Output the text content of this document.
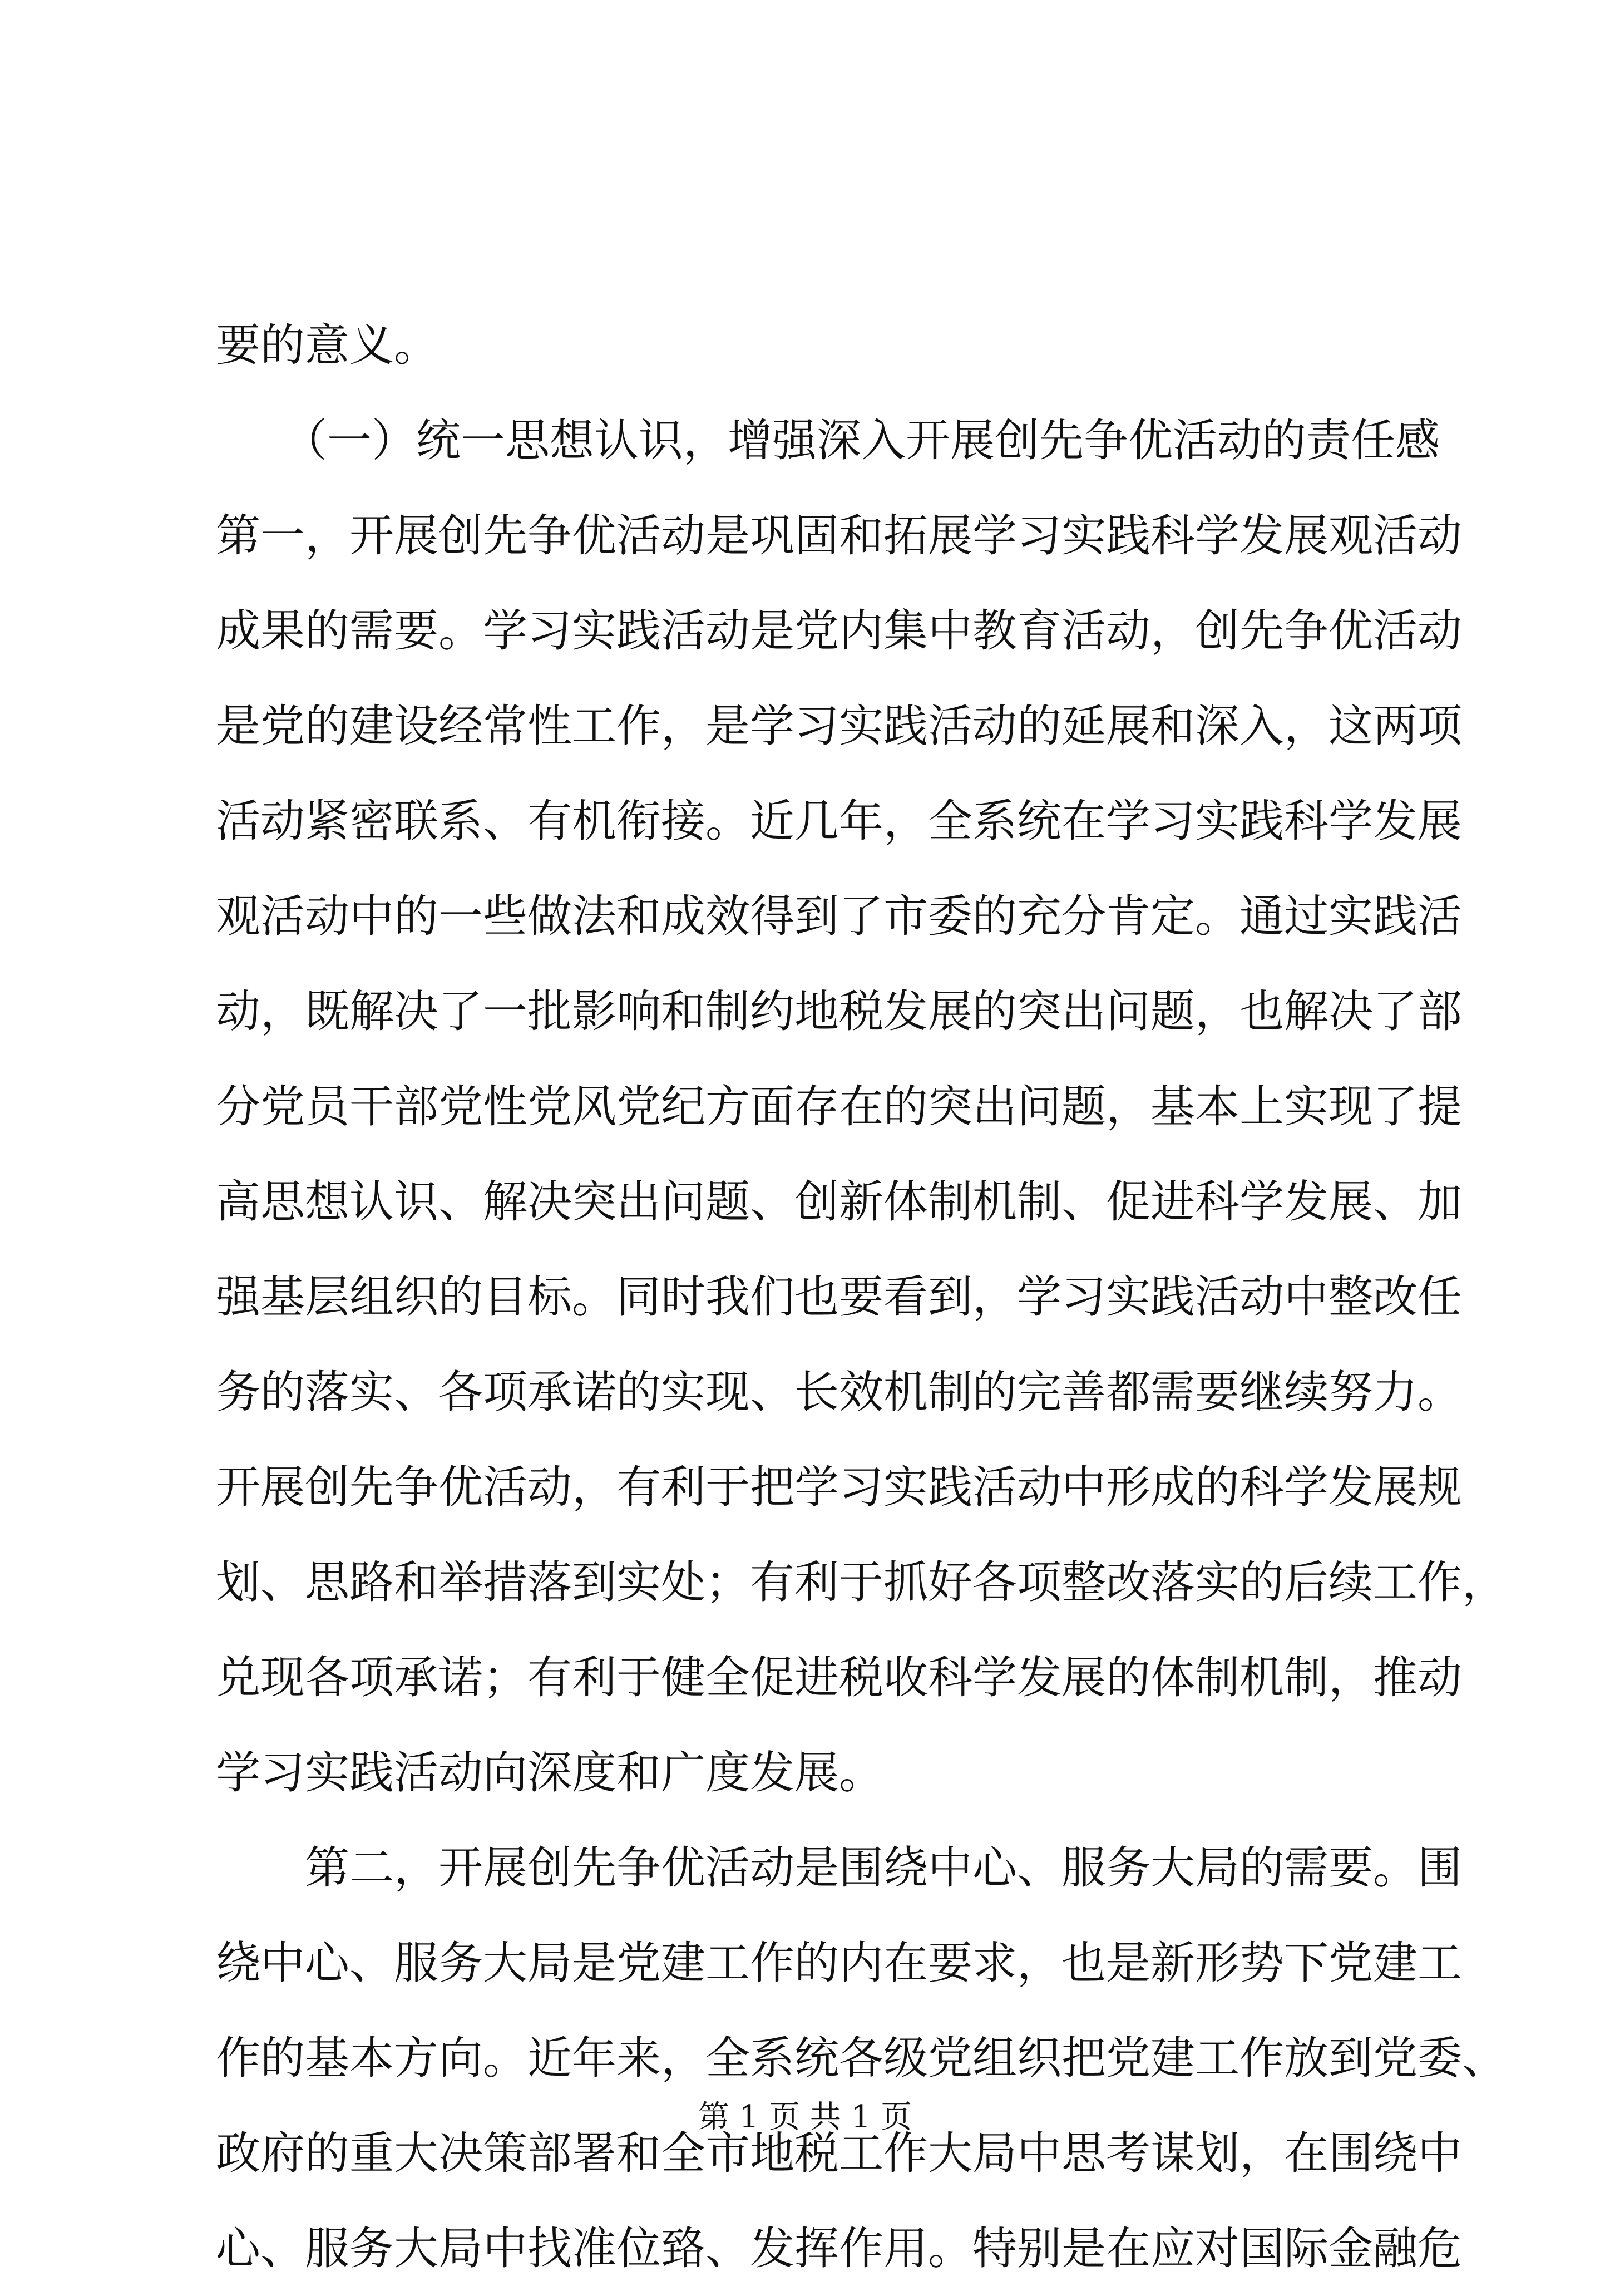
要的意义。
　　（一）统一思想认识，增强深入开展创先争优活动的责任感
第一，开展创先争优活动是巩固和拓展学习实践科学发展观活动
成果的需要。学习实践活动是党内集中教育活动，创先争优活动
是党的建设经常性工作，是学习实践活动的延展和深入，这两项
活动紧密联系、有机衔接。近几年，全系统在学习实践科学发展
观活动中的一些做法和成效得到了市委的充分肯定。通过实践活
动，既解决了一批影响和制约地税发展的突出问题，也解决了部
分党员干部党性党风党纪方面存在的突出问题，基本上实现了提
高思想认识、解决突出问题、创新体制机制、促进科学发展、加
强基层组织的目标。同时我们也要看到，学习实践活动中整改任
务的落实、各项承诺的实现、长效机制的完善都需要继续努力。
开展创先争优活动，有利于把学习实践活动中形成的科学发展规
划、思路和举措落到实处；有利于抓好各项整改落实的后续工作，
兑现各项承诺；有利于健全促进税收科学发展的体制机制，推动
学习实践活动向深度和广度发展。
　　第二，开展创先争优活动是围绕中心、服务大局的需要。围
绕中心、服务大局是党建工作的内在要求，也是新形势下党建工
作的基本方向。近年来，全系统各级党组织把党建工作放到党委、
政府的重大决策部署和全市地税工作大局中思考谋划，在围绕中
心、服务大局中找准位臵、发挥作用。特别是在应对国际金融危
第 1 页 共 1 页
